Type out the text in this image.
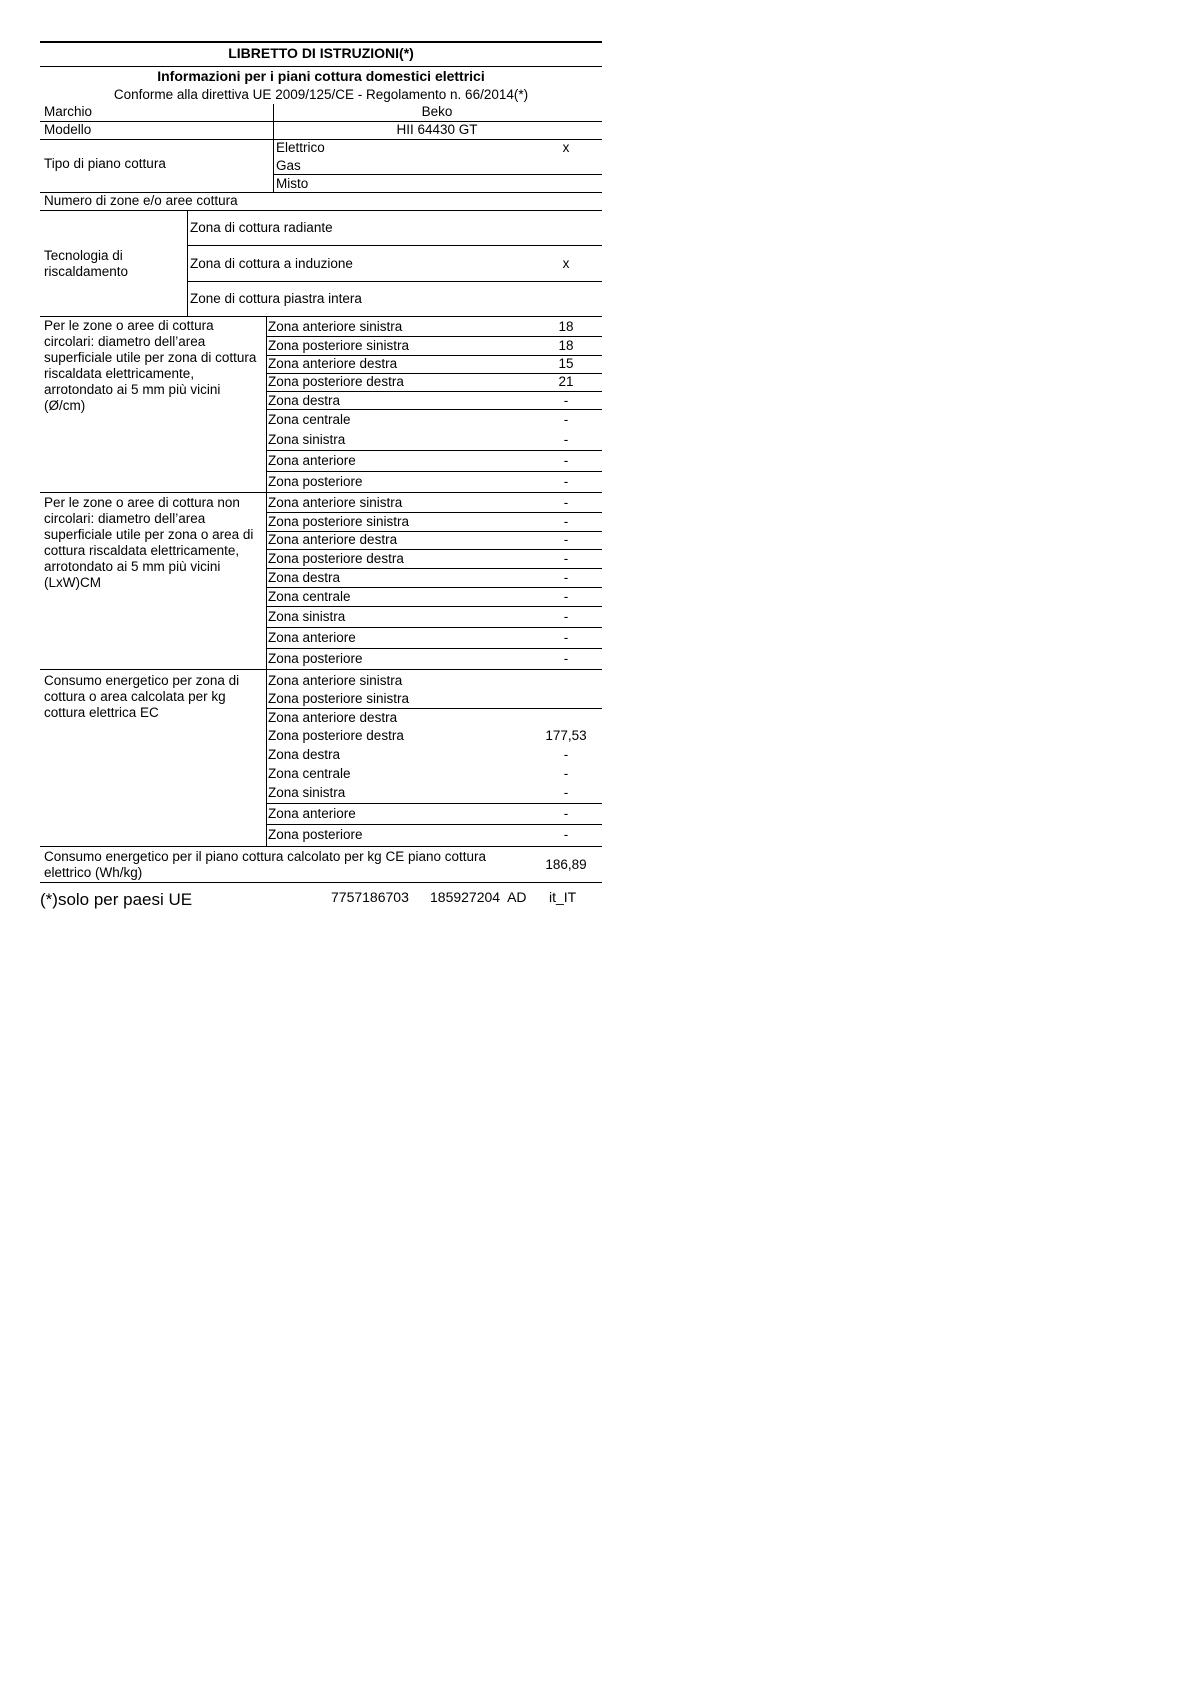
LIBRETTO DI ISTRUZIONI(*)
Informazioni per i piani cottura domestici elettrici
Conforme alla direttiva UE 2009/125/CE - Regolamento n. 66/2014(*)
Marchio	Beko
Modello	HII 64430 GT
Tipo di piano cottura
Elettrico	x
Gas
Misto
Numero di zone e/o aree cottura
Tecnologia di riscaldamento
Zona di cottura radiante
Zona di cottura a induzione	x
Zone di cottura piastra intera
Per le zone o aree di cottura circolari: diametro dell’area superficiale utile per zona di cottura riscaldata elettricamente, arrotondato ai 5 mm più vicini (Ø/cm)
Zona anteriore sinistra	18
Zona posteriore sinistra	18
Zona anteriore destra	15
Zona posteriore destra	21
Zona destra	-
Zona centrale	-
Zona sinistra	-
Zona anteriore	-
Zona posteriore	-
Per le zone o aree di cottura non circolari: diametro dell’area superficiale utile per zona o area di cottura riscaldata elettricamente, arrotondato ai 5 mm più vicini (LxW)CM
Zona anteriore sinistra	-
Zona posteriore sinistra	-
Zona anteriore destra	-
Zona posteriore destra	-
Zona destra	-
Zona centrale	-
Zona sinistra	-
Zona anteriore	-
Zona posteriore	-
Consumo energetico per zona di cottura o area calcolata per kg cottura elettrica EC
Zona anteriore sinistra
Zona posteriore sinistra
Zona anteriore destra
Zona posteriore destra	177,53
Zona destra	-
Zona centrale	-
Zona sinistra	-
Zona anteriore	-
Zona posteriore	-
Consumo energetico per il piano cottura calcolato per kg CE piano cottura elettrico (Wh/kg)
186,89
(*)solo per paesi UE	7757186703 185927204  AD it_IT
